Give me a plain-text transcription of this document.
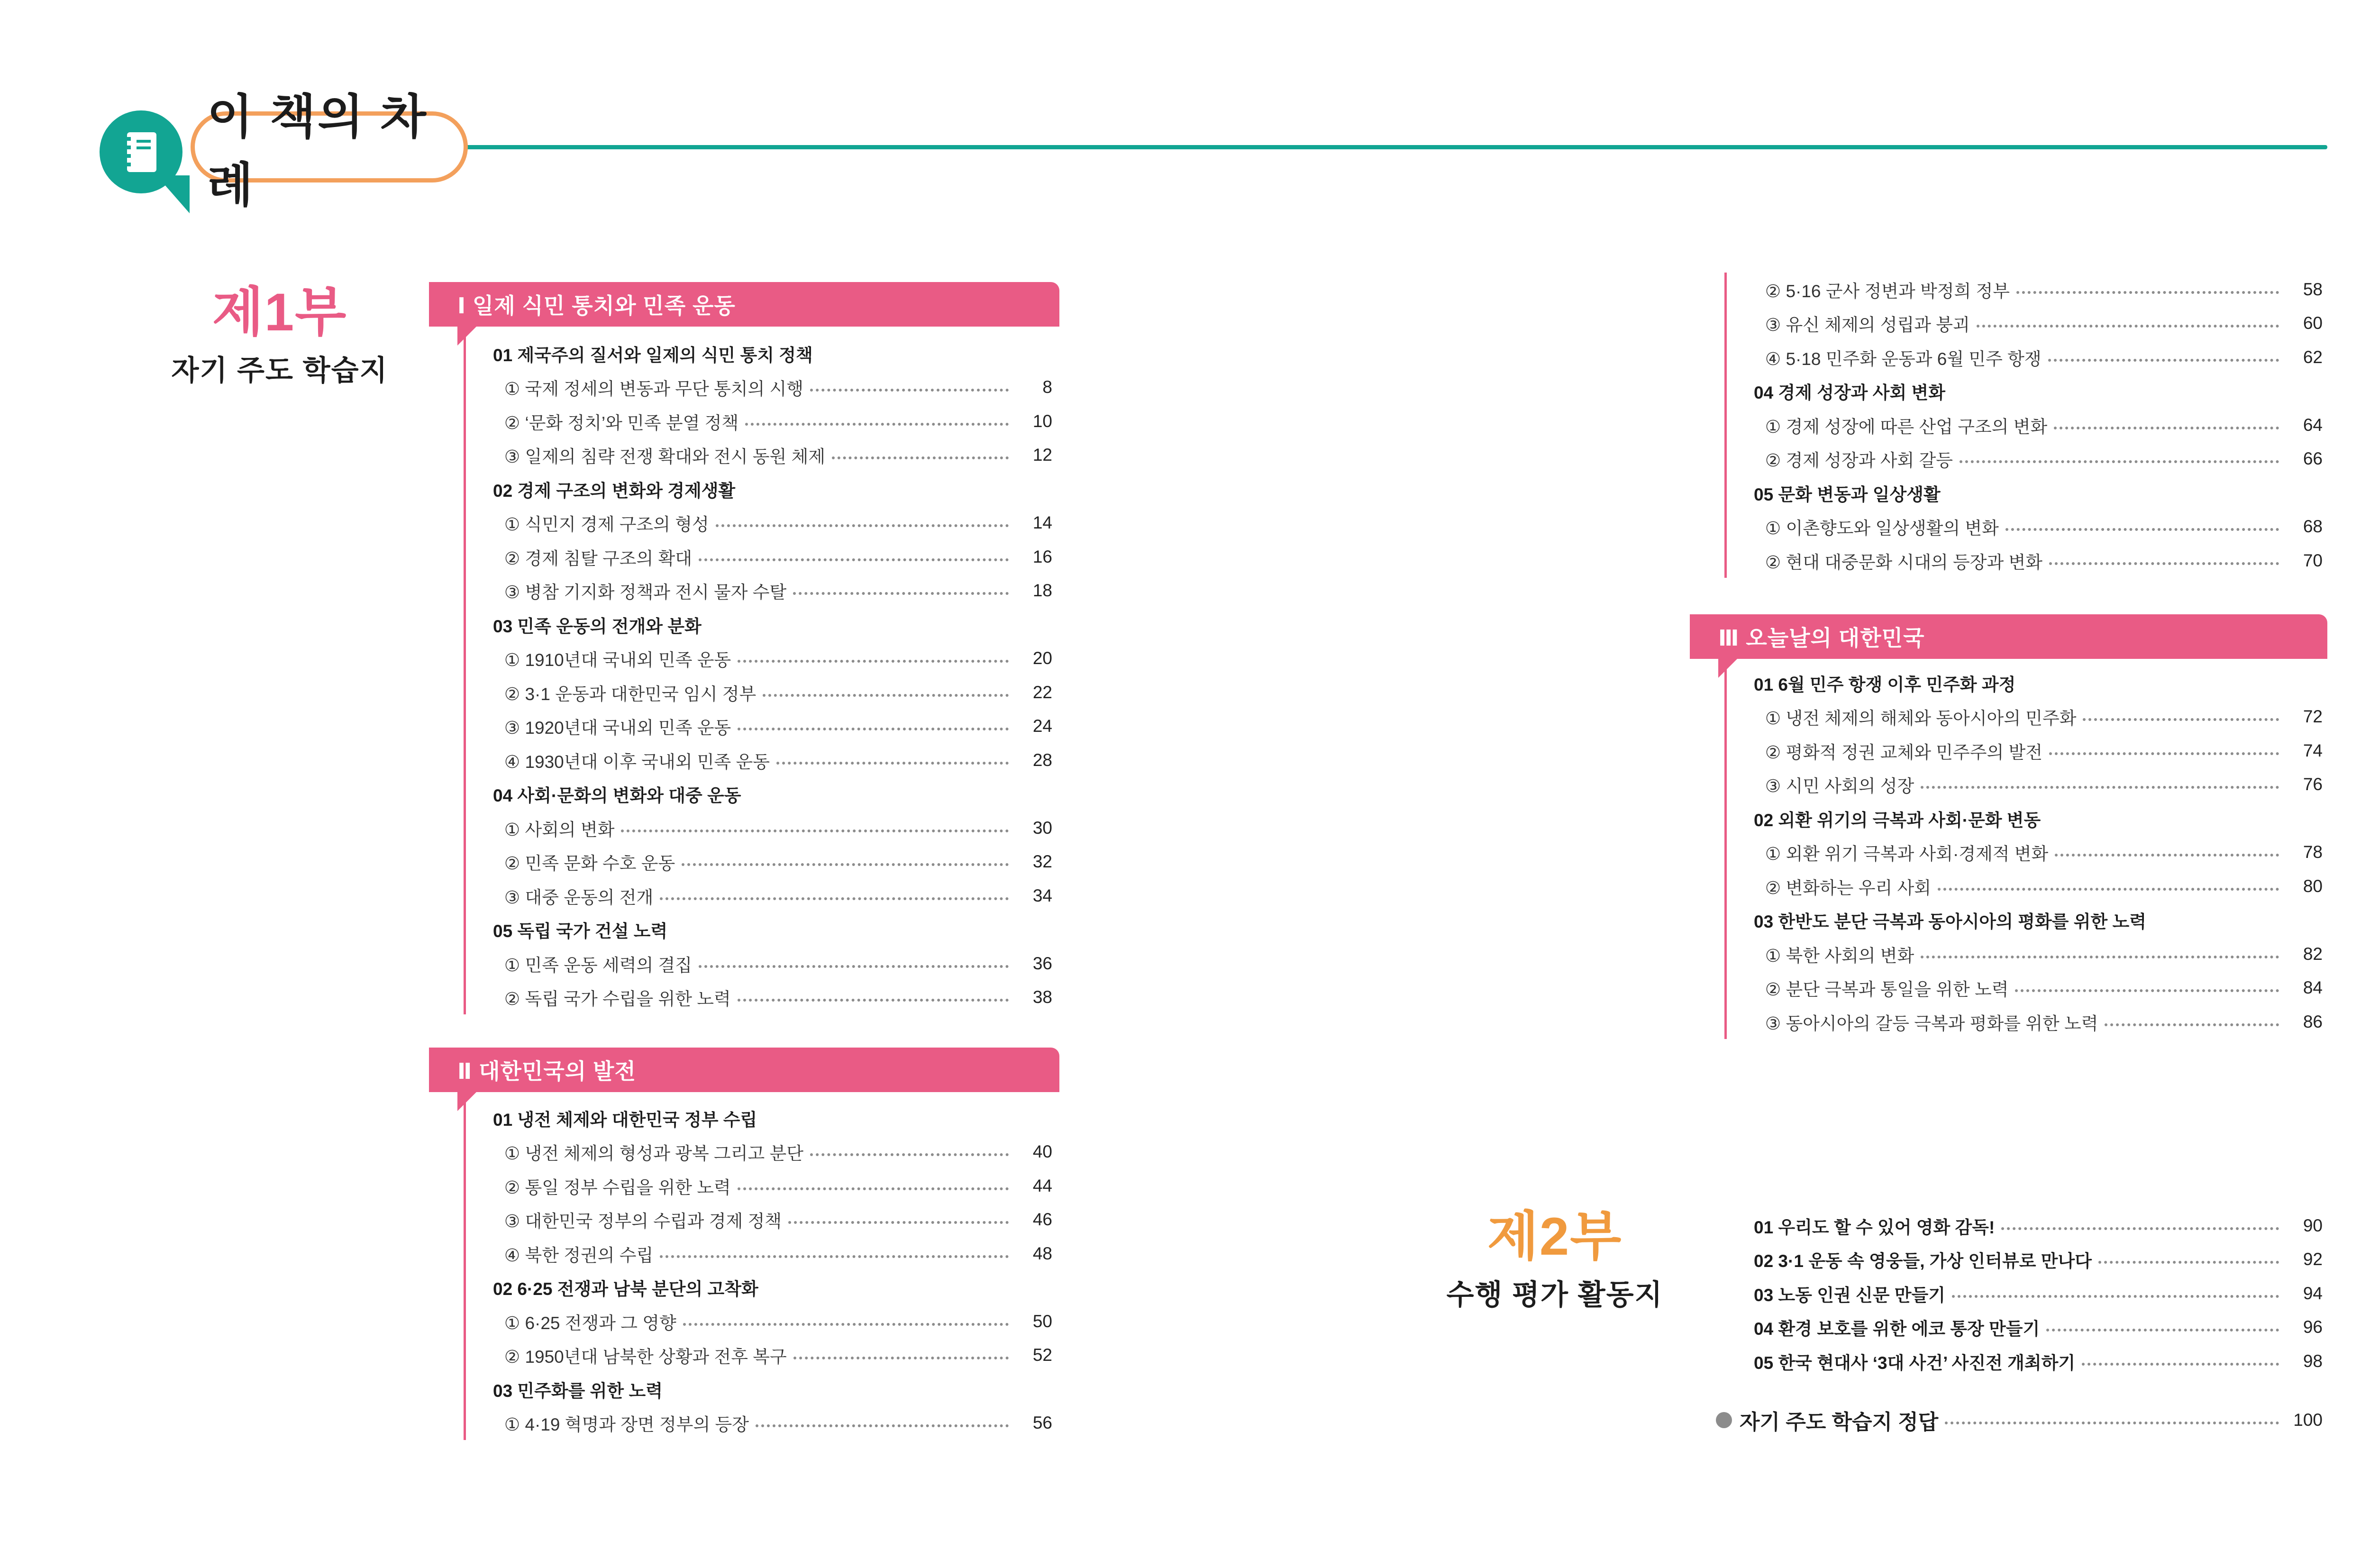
이 책의 차례
제1부
자기 주도 학습지
제2부
수행 평가 활동지
Ⅰ 일제 식민 통치와 민족 운동
Ⅱ 대한민국의 발전
Ⅲ 오늘날의 대한민국
01 제국주의 질서와 일제의 식민 통치 정책
① 국제 정세의 변동과 무단 통치의 시행	8
② ‘문화 정치’와 민족 분열 정책	10
③ 일제의 침략 전쟁 확대와 전시 동원 체제	12
02 경제 구조의 변화와 경제생활
① 식민지 경제 구조의 형성	14
② 경제 침탈 구조의 확대	16
③ 병참 기지화 정책과 전시 물자 수탈	18
03 민족 운동의 전개와 분화
① 1910년대 국내외 민족 운동	20
② 3·1 운동과 대한민국 임시 정부	22
③ 1920년대 국내외 민족 운동	24
④ 1930년대 이후 국내외 민족 운동	28
04 사회·문화의 변화와 대중 운동
① 사회의 변화	30
② 민족 문화 수호 운동	32
③ 대중 운동의 전개	34
05 독립 국가 건설 노력
① 민족 운동 세력의 결집	36
② 독립 국가 수립을 위한 노력	38
01 냉전 체제와 대한민국 정부 수립
① 냉전 체제의 형성과 광복 그리고 분단	40
② 통일 정부 수립을 위한 노력	44
③ 대한민국 정부의 수립과 경제 정책	46
④ 북한 정권의 수립	48
02 6·25 전쟁과 남북 분단의 고착화
① 6·25 전쟁과 그 영향	50
② 1950년대 남북한 상황과 전후 복구	52
03 민주화를 위한 노력
① 4·19 혁명과 장면 정부의 등장	56
② 5·16 군사 정변과 박정희 정부	58
③ 유신 체제의 성립과 붕괴	60
④ 5·18 민주화 운동과 6월 민주 항쟁	62
04 경제 성장과 사회 변화
① 경제 성장에 따른 산업 구조의 변화	64
② 경제 성장과 사회 갈등	66
05 문화 변동과 일상생활
① 이촌향도와 일상생활의 변화	68
② 현대 대중문화 시대의 등장과 변화	70
01 6월 민주 항쟁 이후 민주화 과정
① 냉전 체제의 해체와 동아시아의 민주화	72
② 평화적 정권 교체와 민주주의 발전	74
③ 시민 사회의 성장	76
02 외환 위기의 극복과 사회·문화 변동
① 외환 위기 극복과 사회·경제적 변화	78
② 변화하는 우리 사회	80
03 한반도 분단 극복과 동아시아의 평화를 위한 노력
① 북한 사회의 변화	82
② 분단 극복과 통일을 위한 노력	84
③ 동아시아의 갈등 극복과 평화를 위한 노력	86
01 우리도 할 수 있어 영화 감독!	90
02 3·1 운동 속 영웅들, 가상 인터뷰로 만나다	92
03 노동 인권 신문 만들기	94
04 환경 보호를 위한 에코 통장 만들기	96
05 한국 현대사 ‘3대 사건’ 사진전 개최하기	98
자기 주도 학습지 정답	100
